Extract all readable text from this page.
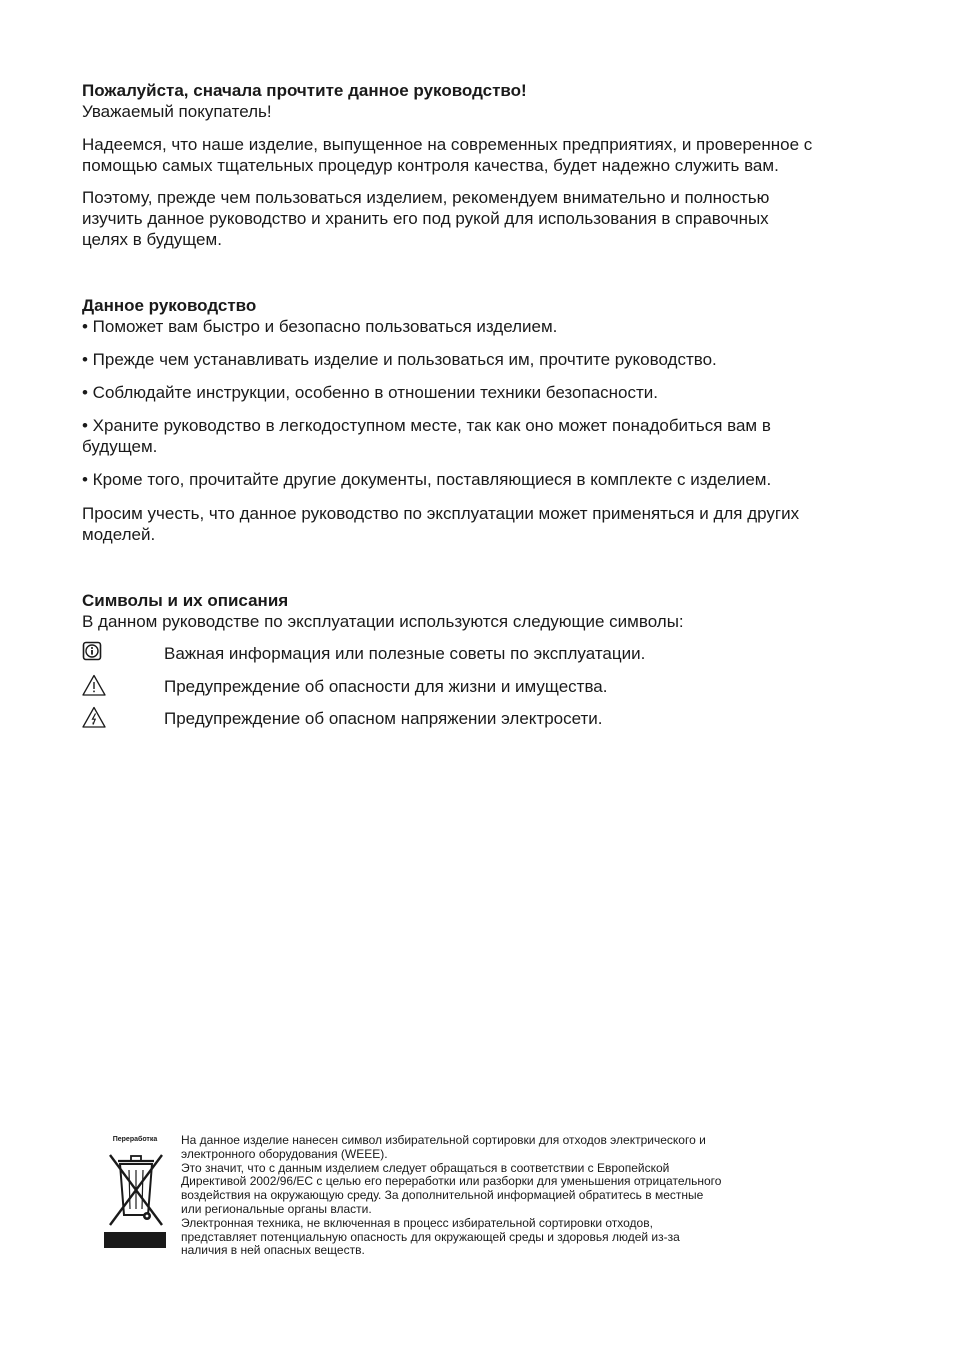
Пожалуйста, сначала прочтите данное руководство!
Уважаемый покупатель!
Надеемся, что наше изделие, выпущенное на современных предприятиях, и проверенное с
помощью самых тщательных процедур контроля качества, будет надежно служить вам.
Поэтому, прежде чем пользоваться изделием, рекомендуем внимательно и полностью
изучить данное руководство и хранить его под рукой для использования в справочных
целях в будущем.
Данное руководство
• Поможет вам быстро и безопасно пользоваться изделием.
• Прежде чем устанавливать изделие и пользоваться им, прочтите руководство.
• Соблюдайте инструкции, особенно в отношении техники безопасности.
• Храните руководство в легкодоступном месте, так как оно может понадобиться вам в
будущем.
• Кроме того, прочитайте другие документы, поставляющиеся в комплекте с изделием.
Просим учесть, что данное руководство по эксплуатации может применяться и для других
моделей.
Символы и их описания
В данном руководстве по эксплуатации используются следующие символы:
Важная информация или полезные советы по эксплуатации.
Предупреждение об опасности для жизни и имущества.
Предупреждение об опасном напряжении электросети.
Переработка	На данное изделие нанесен символ избирательной сортировки для отходов электрического и
электронного оборудования (WEEE).
Это значит, что с данным изделием следует обращаться в соответствии с Европейской
Директивой 2002/96/EC с целью его переработки или разборки для уменьшения отрицательного
воздействия на окружающую среду. За дополнительной информацией обратитесь в местные
или региональные органы власти.
Электронная техника, не включенная в процесс избирательной сортировки отходов,
представляет потенциальную опасность для окружающей среды и здоровья людей из-за
наличия в ней опасных веществ.
